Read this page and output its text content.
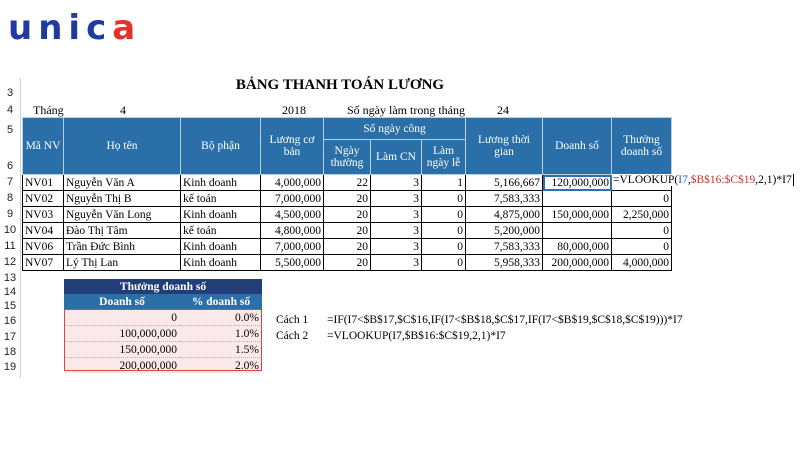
unica
3
4
5
6
7
8
9
10
11
12
13
14
15
16
17
18
19
BẢNG THANH TOÁN LƯƠNG
Tháng	4	2018	Số ngày làm trong tháng	24
Mã NV	Họ tên	Bộ phận	Lương cơ bản	Số ngày công			Lương thời gian	Doanh số	Thưởng doanh số
				Ngày thường	Làm CN	Làm ngày lễ			
NV01	Nguyễn Văn A	Kinh doanh	4,000,000	22	3	1	5,166,667	120,000,000	
NV02	Nguyễn Thị B	kế toán	7,000,000	20	3	0	7,583,333		0
NV03	Nguyễn Văn Long	Kinh doanh	4,500,000	20	3	0	4,875,000	150,000,000	2,250,000
NV04	Đào Thị Tâm	kế toán	4,800,000	20	3	0	5,200,000		0
NV06	Trần Đức Bình	Kinh doanh	7,000,000	20	3	0	7,583,333	80,000,000	0
NV07	Lý Thị Lan	Kinh doanh	5,500,000	20	3	0	5,958,333	200,000,000	4,000,000
=VLOOKUP(I7,$B$16:$C$19,2,1)*I7
Thưởng doanh số	
Doanh số	% doanh số
0	0.0%
100,000,000	1.0%
150,000,000	1.5%
200,000,000	2.0%
Cách 1 =IF(I7<$B$17,$C$16,IF(I7<$B$18,$C$17,IF(I7<$B$19,$C$18,$C$19)))*I7
Cách 2 =VLOOKUP(I7,$B$16:$C$19,2,1)*I7
